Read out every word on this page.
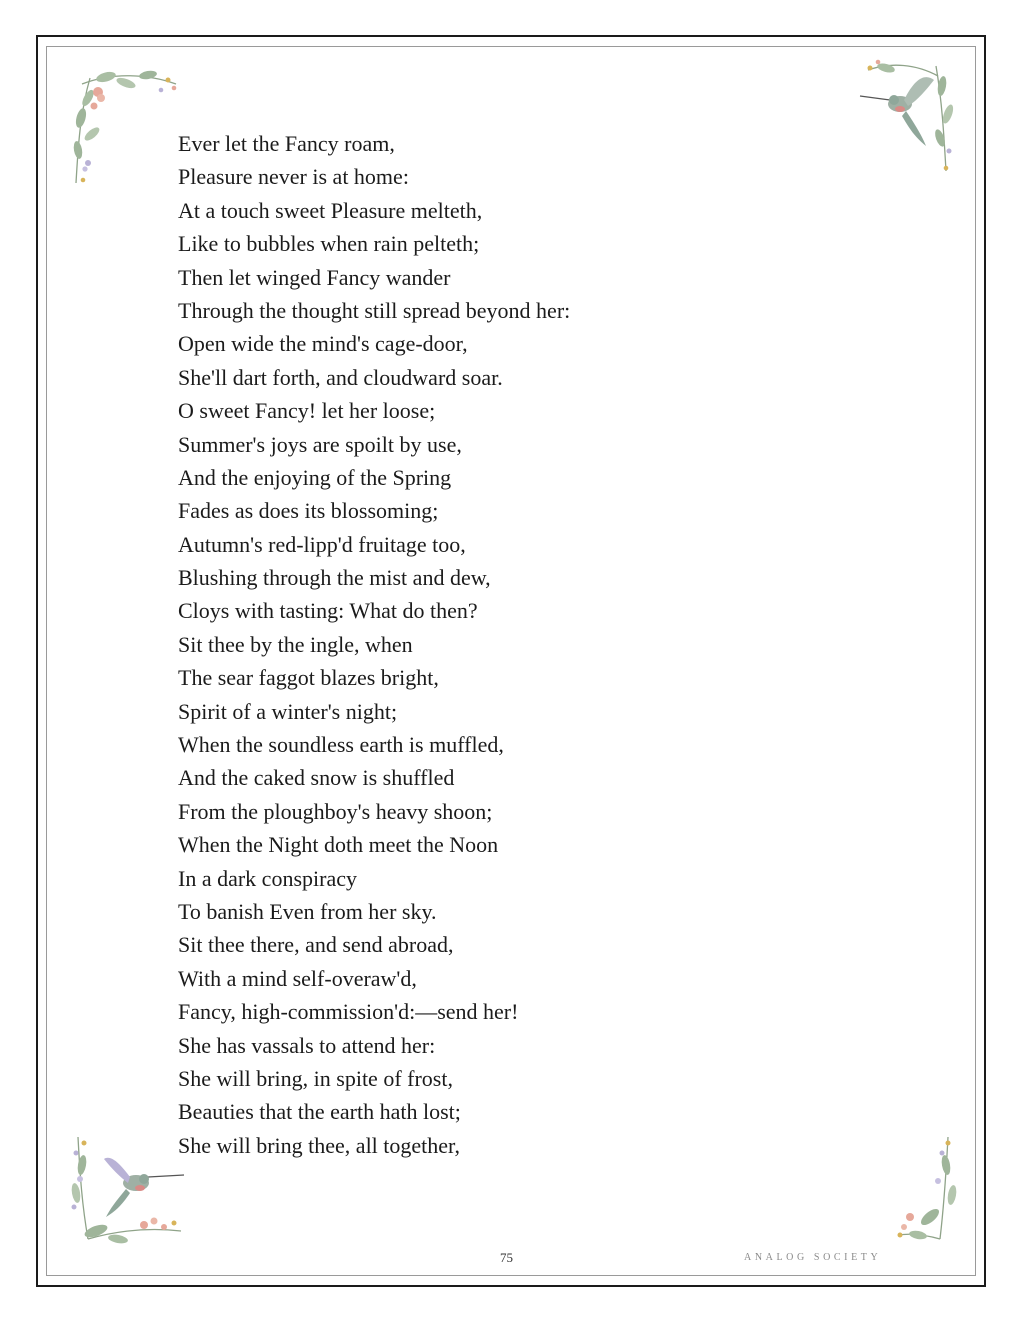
Ever let the Fancy roam,
Pleasure never is at home:
At a touch sweet Pleasure melteth,
Like to bubbles when rain pelteth;
Then let winged Fancy wander
Through the thought still spread beyond her:
Open wide the mind's cage-door,
She'll dart forth, and cloudward soar.
O sweet Fancy! let her loose;
Summer's joys are spoilt by use,
And the enjoying of the Spring
Fades as does its blossoming;
Autumn's red-lipp'd fruitage too,
Blushing through the mist and dew,
Cloys with tasting: What do then?
Sit thee by the ingle, when
The sear faggot blazes bright,
Spirit of a winter's night;
When the soundless earth is muffled,
And the caked snow is shuffled
From the ploughboy's heavy shoon;
When the Night doth meet the Noon
In a dark conspiracy
To banish Even from her sky.
Sit thee there, and send abroad,
With a mind self-overaw'd,
Fancy, high-commission'd:—send her!
She has vassals to attend her:
She will bring, in spite of frost,
Beauties that the earth hath lost;
She will bring thee, all together,
75	ANALOG SOCIETY
